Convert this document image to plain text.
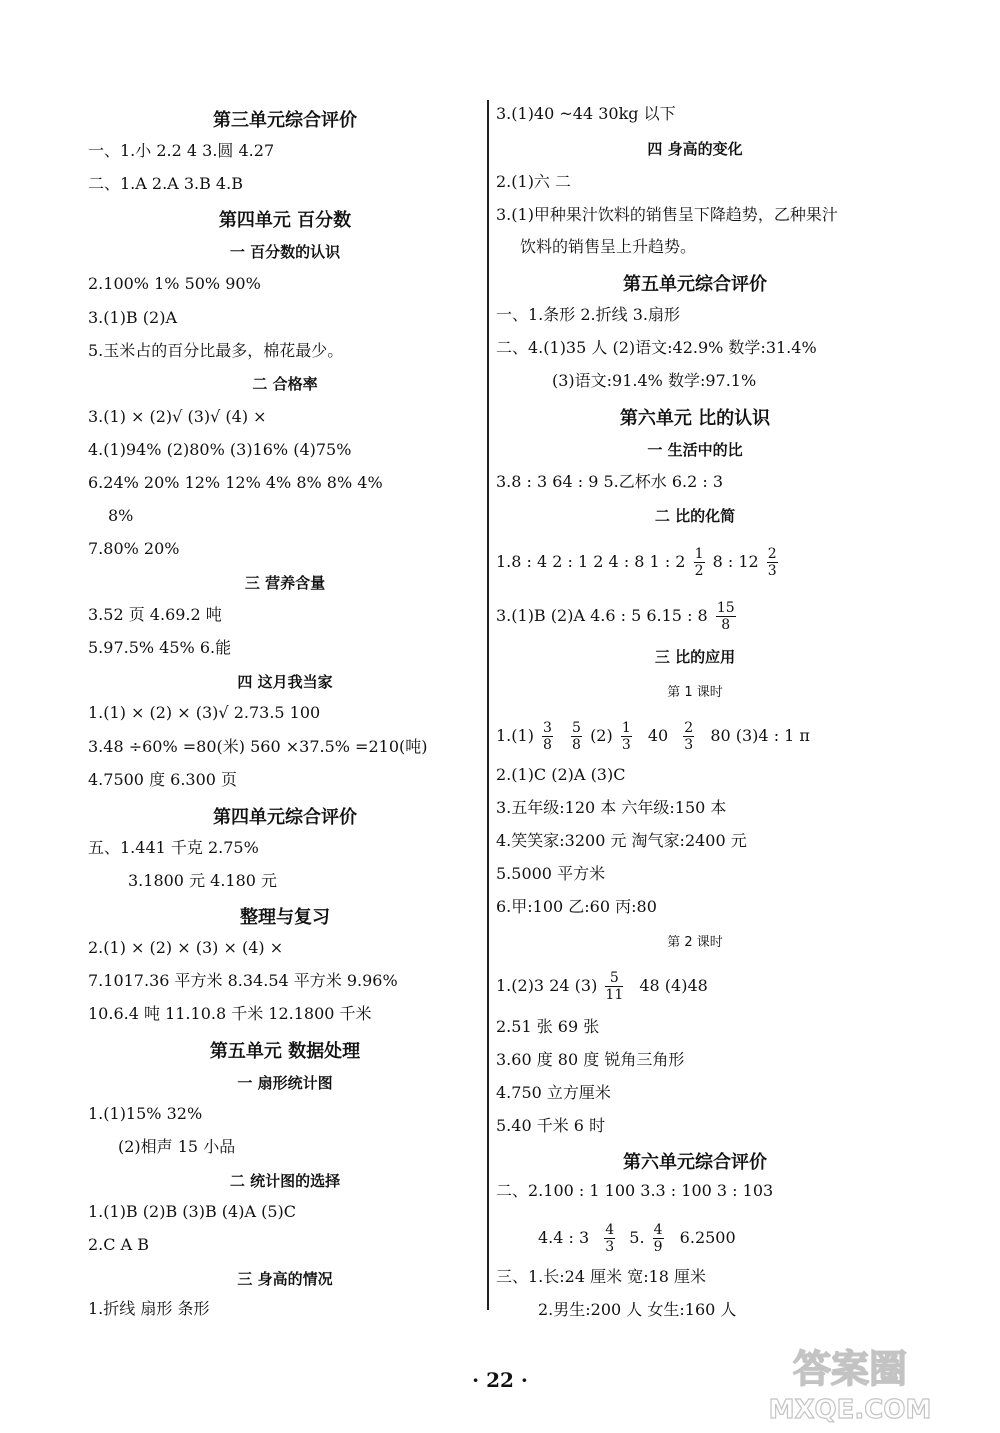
第三单元综合评价
一、1.小 2.2 4 3.圆 4.27
二、1.A 2.A 3.B 4.B
第四单元 百分数
一 百分数的认识
2.100% 1% 50% 90%
3.(1)B (2)A
5.玉米占的百分比最多，棉花最少。
二 合格率
3.(1) × (2)√ (3)√ (4) ×
4.(1)94% (2)80% (3)16% (4)75%
6.24% 20% 12% 12% 4% 8% 8% 4%
8%
7.80% 20%
三 营养含量
3.52 页 4.69.2 吨
5.97.5% 45% 6.能
四 这月我当家
1.(1) × (2) × (3)√ 2.73.5 100
3.48 ÷60% =80(米) 560 ×37.5% =210(吨)
4.7500 度 6.300 页
第四单元综合评价
五、1.441 千克 2.75%
3.1800 元 4.180 元
整理与复习
2.(1) × (2) × (3) × (4) ×
7.1017.36 平方米 8.34.54 平方米 9.96%
10.6.4 吨 11.10.8 千米 12.1800 千米
第五单元 数据处理
一 扇形统计图
1.(1)15% 32%
(2)相声 15 小品
二 统计图的选择
1.(1)B (2)B (3)B (4)A (5)C
2.C A B
三 身高的情况
1.折线 扇形 条形
3.(1)40 ~44 30kg 以下
四 身高的变化
2.(1)六 二
3.(1)甲种果汁饮料的销售呈下降趋势，乙种果汁
饮料的销售呈上升趋势。
第五单元综合评价
一、1.条形 2.折线 3.扇形
二、4.(1)35 人 (2)语文:42.9% 数学:31.4%
(3)语文:91.4% 数学:97.1%
第六单元 比的认识
一 生活中的比
3.8 : 3 64 : 9 5.乙杯水 6.2 : 3
二 比的化简
1.8 : 4 2 : 1 2 4 : 8 1 : $2 \frac{1}{2} 8$ : $12 \frac{2}{3}$
3.(1)B (2)A 4.6 : 5 6.15 : $8 \frac{15}{8}$
三 比的应用
第 1 课时
$1.(1) \frac{3}{8}$
$\frac{5}{8} (2) \frac{1}{3} 40 \frac{2}{3} 80$ (3)4 : 1 π
2.(1)C (2)A (3)C
3.五年级:120 本 六年级:150 本
4.笑笑家:3200 元 淘气家:2400 元
5.5000 平方米
6.甲:100 乙:60 丙:80
第 2 课时
1.(2)3 24 $(3) \frac{5}{11} 48$ (4)48
2.51 张 69 张
3.60 度 80 度 锐角三角形
4.750 立方厘米
5.40 千米 6 时
第六单元综合评价
二、2.100 : 1 100 3.3 : 100 3 : 103
4.4 : $3 \frac{4}{3} 5$. $\frac{4}{9} 6.2500$
三、1.长:24 厘米 宽:18 厘米
2.男生:200 人 女生:160 人
· 22 ·	答案圈
MXQE.COM
